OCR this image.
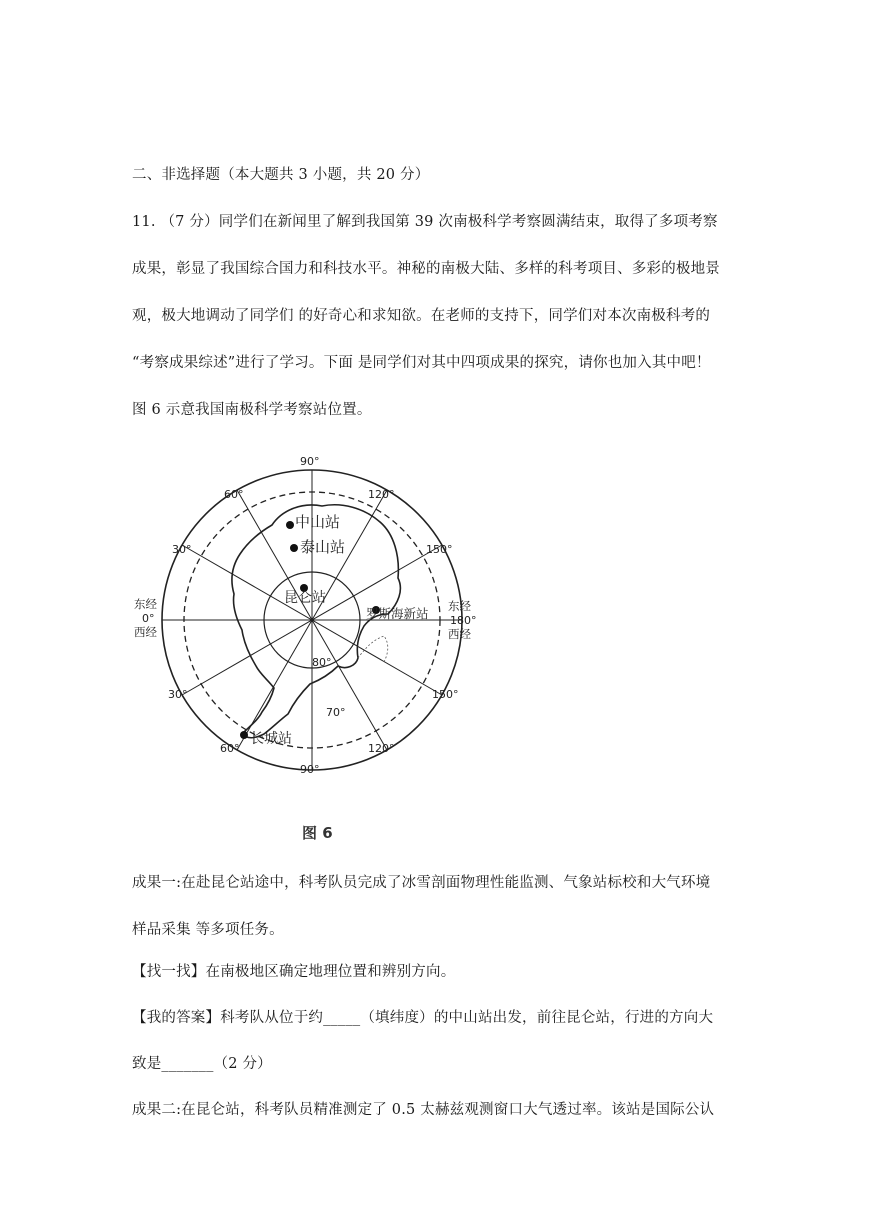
二、非选择题（本大题共 3 小题，共 20 分）
11. （7 分）同学们在新闻里了解到我国第 39 次南极科学考察圆满结束，取得了多项考察
成果，彰显了我国综合国力和科技水平。神秘的南极大陆、多样的科考项目、多彩的极地景
观，极大地调动了同学们 的好奇心和求知欲。在老师的支持下，同学们对本次南极科考的
“考察成果综述”进行了学习。下面 是同学们对其中四项成果的探究，请你也加入其中吧！
图 6 示意我国南极科学考察站位置。
中山站
泰山站
昆仑站
罗斯海新站
长城站
90°
60°	120°
30°	150°
30°	150°
60°	120°
90°
东经
0°
西经
东经
180°
西经
80°
70°
图 6
成果一:在赴昆仑站途中，科考队员完成了冰雪剖面物理性能监测、气象站标校和大气环境
样品采集 等多项任务。
【找一找】在南极地区确定地理位置和辨别方向。
【我的答案】科考队从位于约_____（填纬度）的中山站出发，前往昆仑站，行进的方向大
致是_______（2 分）
成果二:在昆仑站，科考队员精准测定了 0.5 太赫兹观测窗口大气透过率。该站是国际公认
